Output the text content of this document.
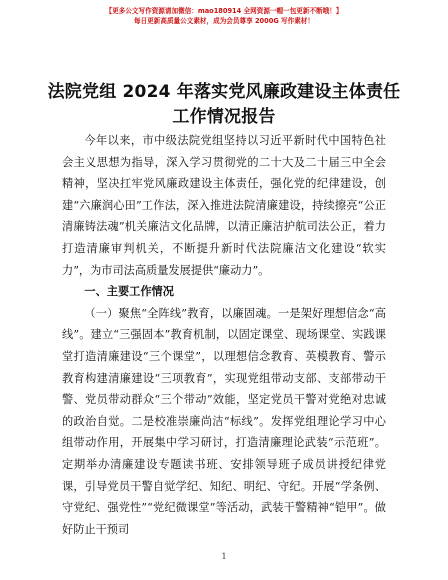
【更多公文写作资源请加微信：mao180914 全网资源一帽一包更新不断哦！】
每日更新高质量公文素材，成为会员尊享 2000G 写作素材！
法院党组 2024 年落实党风廉政建设主体责任工作情况报告

今年以来，市中级法院党组坚持以习近平新时代中国特色社会主义思想为指导，深入学习贯彻党的二十大及二十届三中全会精神，坚决扛牢党风廉政建设主体责任，强化党的纪律建设，创建“六廉润心田”工作法，深入推进法院清廉建设，持续擦亮“公正清廉铸法魂”机关廉洁文化品牌，以清正廉洁护航司法公正，着力打造清廉审判机关，不断提升新时代法院廉洁文化建设“软实力”，为市司法高质量发展提供“廉动力”。

一、主要工作情况

（一）聚焦“全阵线”教育，以廉固魂。一是架好理想信念“高线”。建立“三强固本”教育机制，以固定课堂、现场课堂、实践课堂打造清廉建设“三个课堂”，以理想信念教育、英模教育、警示教育构建清廉建设“三项教育”，实现党组带动支部、支部带动干警、党员带动群众“三个带动”效能，坚定党员干警对党绝对忠诚的政治自觉。二是校准崇廉尚洁“标线”。发挥党组理论学习中心组带动作用，开展集中学习研讨，打造清廉理论武装“示范班”。定期举办清廉建设专题读书班、安排领导班子成员讲授纪律党课，引导党员干警自觉学纪、知纪、明纪、守纪。开展“学条例、守党纪、强党性”“党纪微课堂”等活动，武装干警精神“铠甲”。做好防止干预司

1
